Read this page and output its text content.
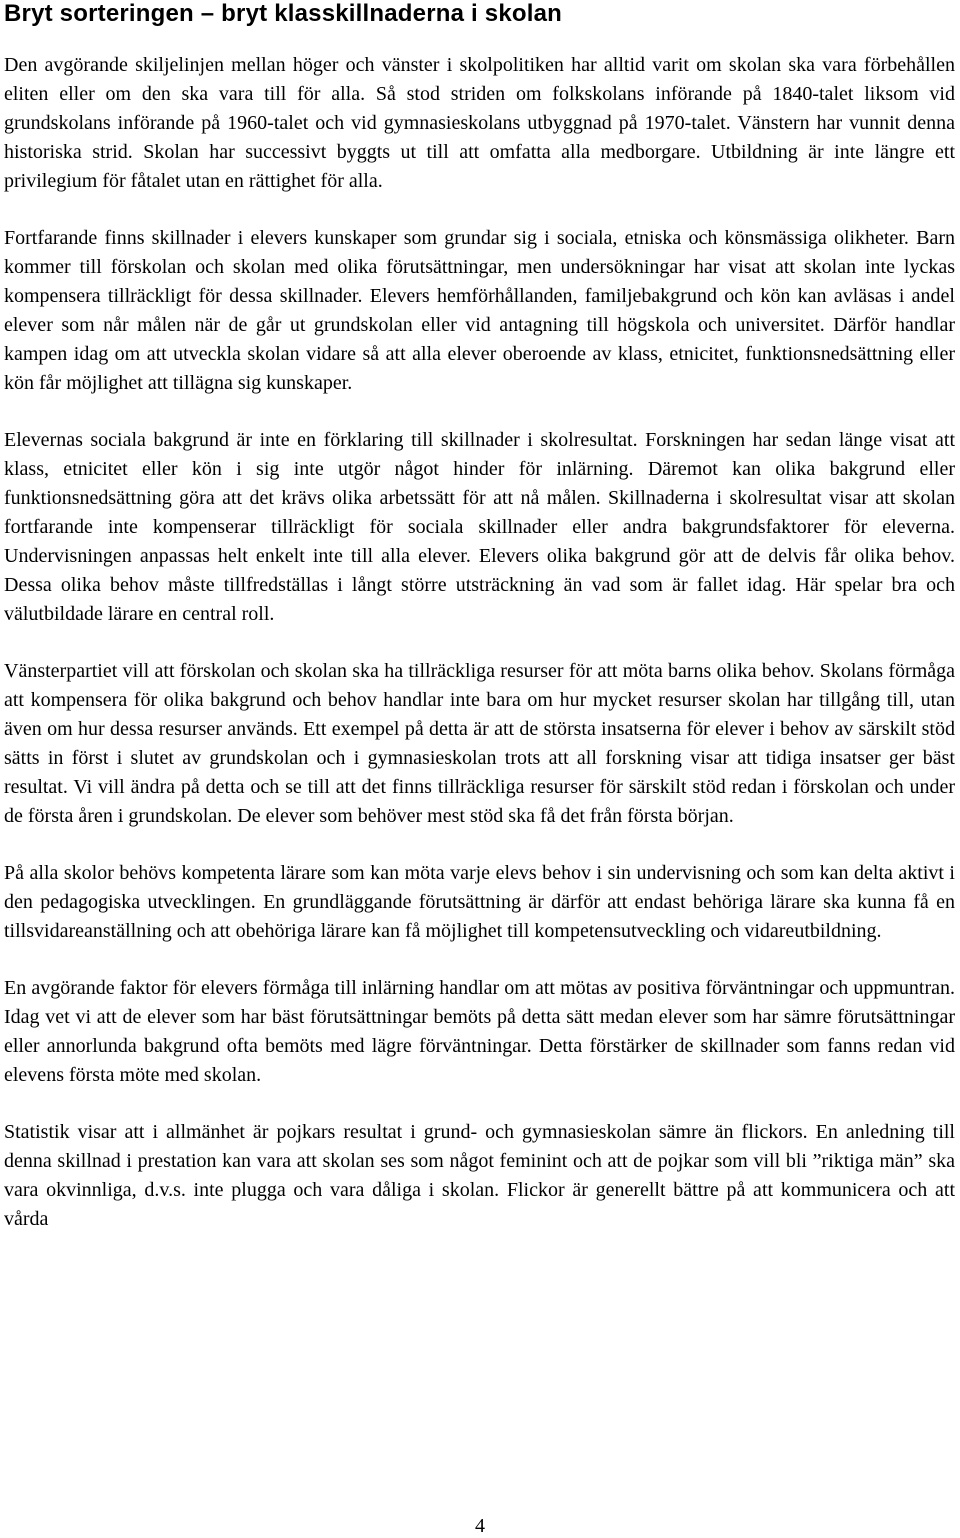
Bryt sorteringen – bryt klasskillnaderna i skolan

Den avgörande skiljelinjen mellan höger och vänster i skolpolitiken har alltid varit om skolan ska vara förbehållen eliten eller om den ska vara till för alla. Så stod striden om folkskolans införande på 1840-talet liksom vid grundskolans införande på 1960-talet och vid gymnasieskolans utbyggnad på 1970-talet. Vänstern har vunnit denna historiska strid. Skolan har successivt byggts ut till att omfatta alla medborgare. Utbildning är inte längre ett privilegium för fåtalet utan en rättighet för alla.

Fortfarande finns skillnader i elevers kunskaper som grundar sig i sociala, etniska och könsmässiga olikheter. Barn kommer till förskolan och skolan med olika förutsättningar, men undersökningar har visat att skolan inte lyckas kompensera tillräckligt för dessa skillnader. Elevers hemförhållanden, familjebakgrund och kön kan avläsas i andel elever som når målen när de går ut grundskolan eller vid antagning till högskola och universitet. Därför handlar kampen idag om att utveckla skolan vidare så att alla elever oberoende av klass, etnicitet, funktionsnedsättning eller kön får möjlighet att tillägna sig kunskaper.

Elevernas sociala bakgrund är inte en förklaring till skillnader i skolresultat. Forskningen har sedan länge visat att klass, etnicitet eller kön i sig inte utgör något hinder för inlärning. Däremot kan olika bakgrund eller funktionsnedsättning göra att det krävs olika arbetssätt för att nå målen. Skillnaderna i skolresultat visar att skolan fortfarande inte kompenserar tillräckligt för sociala skillnader eller andra bakgrundsfaktorer för eleverna. Undervisningen anpassas helt enkelt inte till alla elever. Elevers olika bakgrund gör att de delvis får olika behov. Dessa olika behov måste tillfredställas i långt större utsträckning än vad som är fallet idag. Här spelar bra och välutbildade lärare en central roll.

Vänsterpartiet vill att förskolan och skolan ska ha tillräckliga resurser för att möta barns olika behov. Skolans förmåga att kompensera för olika bakgrund och behov handlar inte bara om hur mycket resurser skolan har tillgång till, utan även om hur dessa resurser används. Ett exempel på detta är att de största insatserna för elever i behov av särskilt stöd sätts in först i slutet av grundskolan och i gymnasieskolan trots att all forskning visar att tidiga insatser ger bäst resultat. Vi vill ändra på detta och se till att det finns tillräckliga resurser för särskilt stöd redan i förskolan och under de första åren i grundskolan. De elever som behöver mest stöd ska få det från första början.

På alla skolor behövs kompetenta lärare som kan möta varje elevs behov i sin undervisning och som kan delta aktivt i den pedagogiska utvecklingen. En grundläggande förutsättning är därför att endast behöriga lärare ska kunna få en tillsvidareanställning och att obehöriga lärare kan få möjlighet till kompetensutveckling och vidareutbildning.

En avgörande faktor för elevers förmåga till inlärning handlar om att mötas av positiva förväntningar och uppmuntran. Idag vet vi att de elever som har bäst förutsättningar bemöts på detta sätt medan elever som har sämre förutsättningar eller annorlunda bakgrund ofta bemöts med lägre förväntningar. Detta förstärker de skillnader som fanns redan vid elevens första möte med skolan.

Statistik visar att i allmänhet är pojkars resultat i grund- och gymnasieskolan sämre än flickors. En anledning till denna skillnad i prestation kan vara att skolan ses som något feminint och att de pojkar som vill bli ”riktiga män” ska vara okvinnliga, d.v.s. inte plugga och vara dåliga i skolan. Flickor är generellt bättre på att kommunicera och att vårda

4
